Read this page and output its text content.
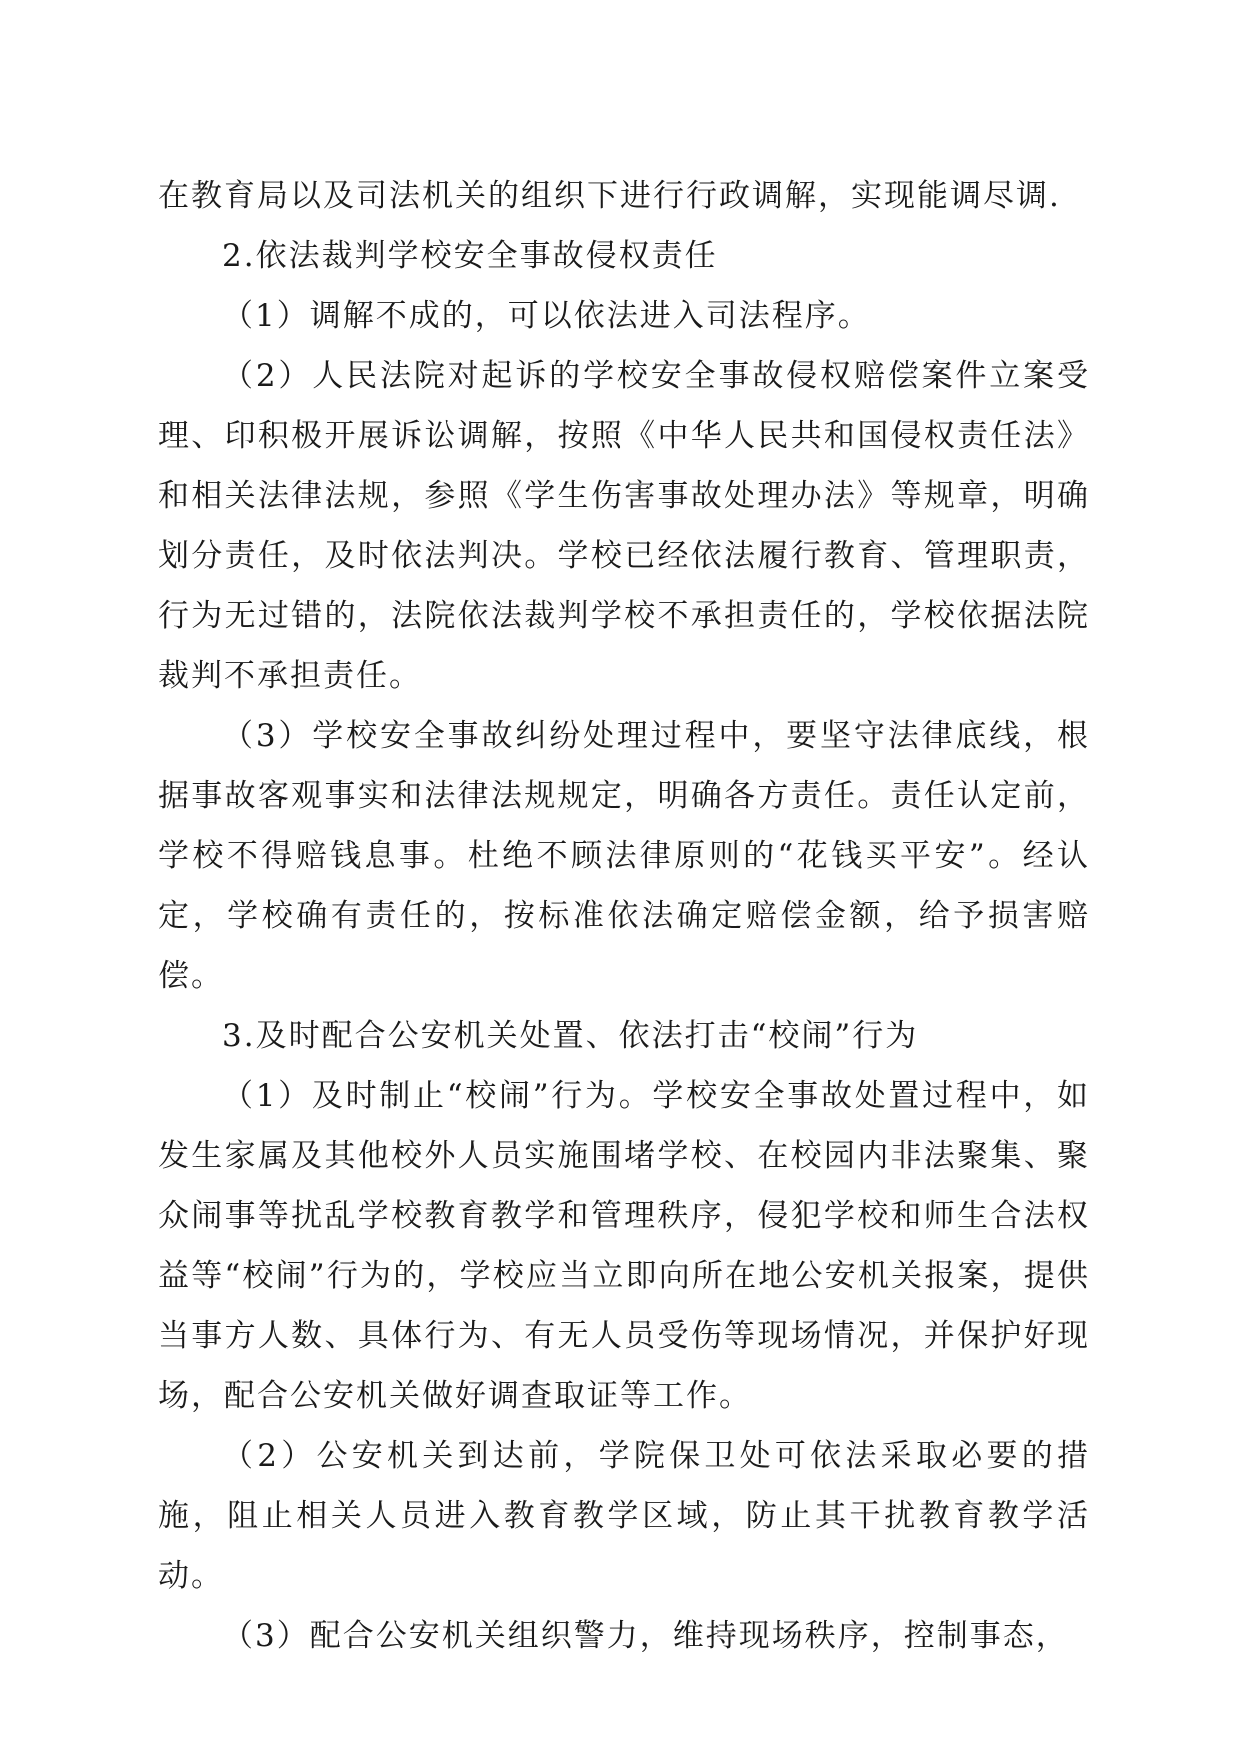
在教育局以及司法机关的组织下进行行政调解，实现能调尽调.

2.依法裁判学校安全事故侵权责任

（1）调解不成的，可以依法进入司法程序。

（2）人民法院对起诉的学校安全事故侵权赔偿案件立案受理、印积极开展诉讼调解，按照《中华人民共和国侵权责任法》和相关法律法规，参照《学生伤害事故处理办法》等规章，明确划分责任，及时依法判决。学校已经依法履行教育、管理职责，行为无过错的，法院依法裁判学校不承担责任的，学校依据法院裁判不承担责任。

（3）学校安全事故纠纷处理过程中，要坚守法律底线，根据事故客观事实和法律法规规定，明确各方责任。责任认定前，学校不得赔钱息事。杜绝不顾法律原则的“花钱买平安”。经认定，学校确有责任的，按标准依法确定赔偿金额，给予损害赔偿。

3.及时配合公安机关处置、依法打击“校闹”行为

（1）及时制止“校闹”行为。学校安全事故处置过程中，如发生家属及其他校外人员实施围堵学校、在校园内非法聚集、聚众闹事等扰乱学校教育教学和管理秩序，侵犯学校和师生合法权益等“校闹”行为的，学校应当立即向所在地公安机关报案，提供当事方人数、具体行为、有无人员受伤等现场情况，并保护好现场，配合公安机关做好调查取证等工作。

（2）公安机关到达前，学院保卫处可依法采取必要的措施，阻止相关人员进入教育教学区域，防止其干扰教育教学活动。

（3）配合公安机关组织警力，维持现场秩序，控制事态，
